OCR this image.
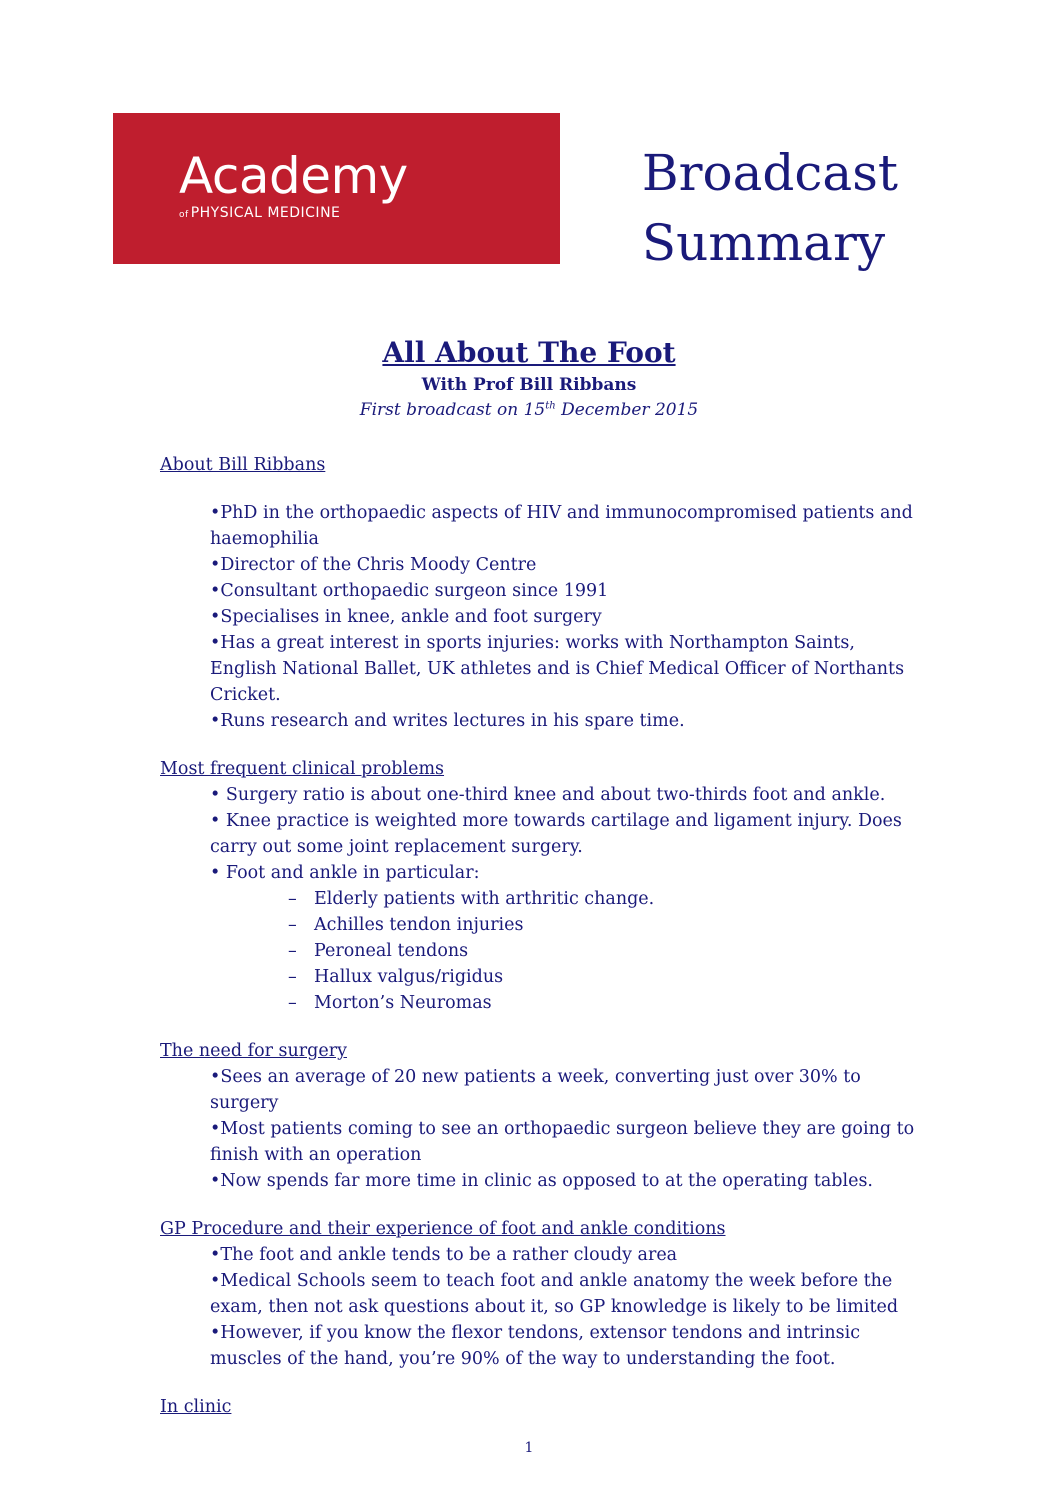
Academy
of PHYSICAL MEDICINE
Broadcast
Summary
All About The Foot
With Prof Bill Ribbans
First broadcast on 15th December 2015

About Bill Ribbans

•PhD in the orthopaedic aspects of HIV and immunocompromised patients and haemophilia
•Director of the Chris Moody Centre
•Consultant orthopaedic surgeon since 1991
•Specialises in knee, ankle and foot surgery
•Has a great interest in sports injuries: works with Northampton Saints, English National Ballet, UK athletes and is Chief Medical Officer of Northants Cricket.
•Runs research and writes lectures in his spare time.

Most frequent clinical problems

• Surgery ratio is about one-third knee and about two-thirds foot and ankle.
• Knee practice is weighted more towards cartilage and ligament injury. Does carry out some joint replacement surgery.
• Foot and ankle in particular:
– Elderly patients with arthritic change.
– Achilles tendon injuries
– Peroneal tendons
– Hallux valgus/rigidus
– Morton’s Neuromas

The need for surgery

•Sees an average of 20 new patients a week, converting just over 30% to surgery
•Most patients coming to see an orthopaedic surgeon believe they are going to finish with an operation
•Now spends far more time in clinic as opposed to at the operating tables.

GP Procedure and their experience of foot and ankle conditions

•The foot and ankle tends to be a rather cloudy area
•Medical Schools seem to teach foot and ankle anatomy the week before the exam, then not ask questions about it, so GP knowledge is likely to be limited
•However, if you know the flexor tendons, extensor tendons and intrinsic muscles of the hand, you’re 90% of the way to understanding the foot.

In clinic

1
